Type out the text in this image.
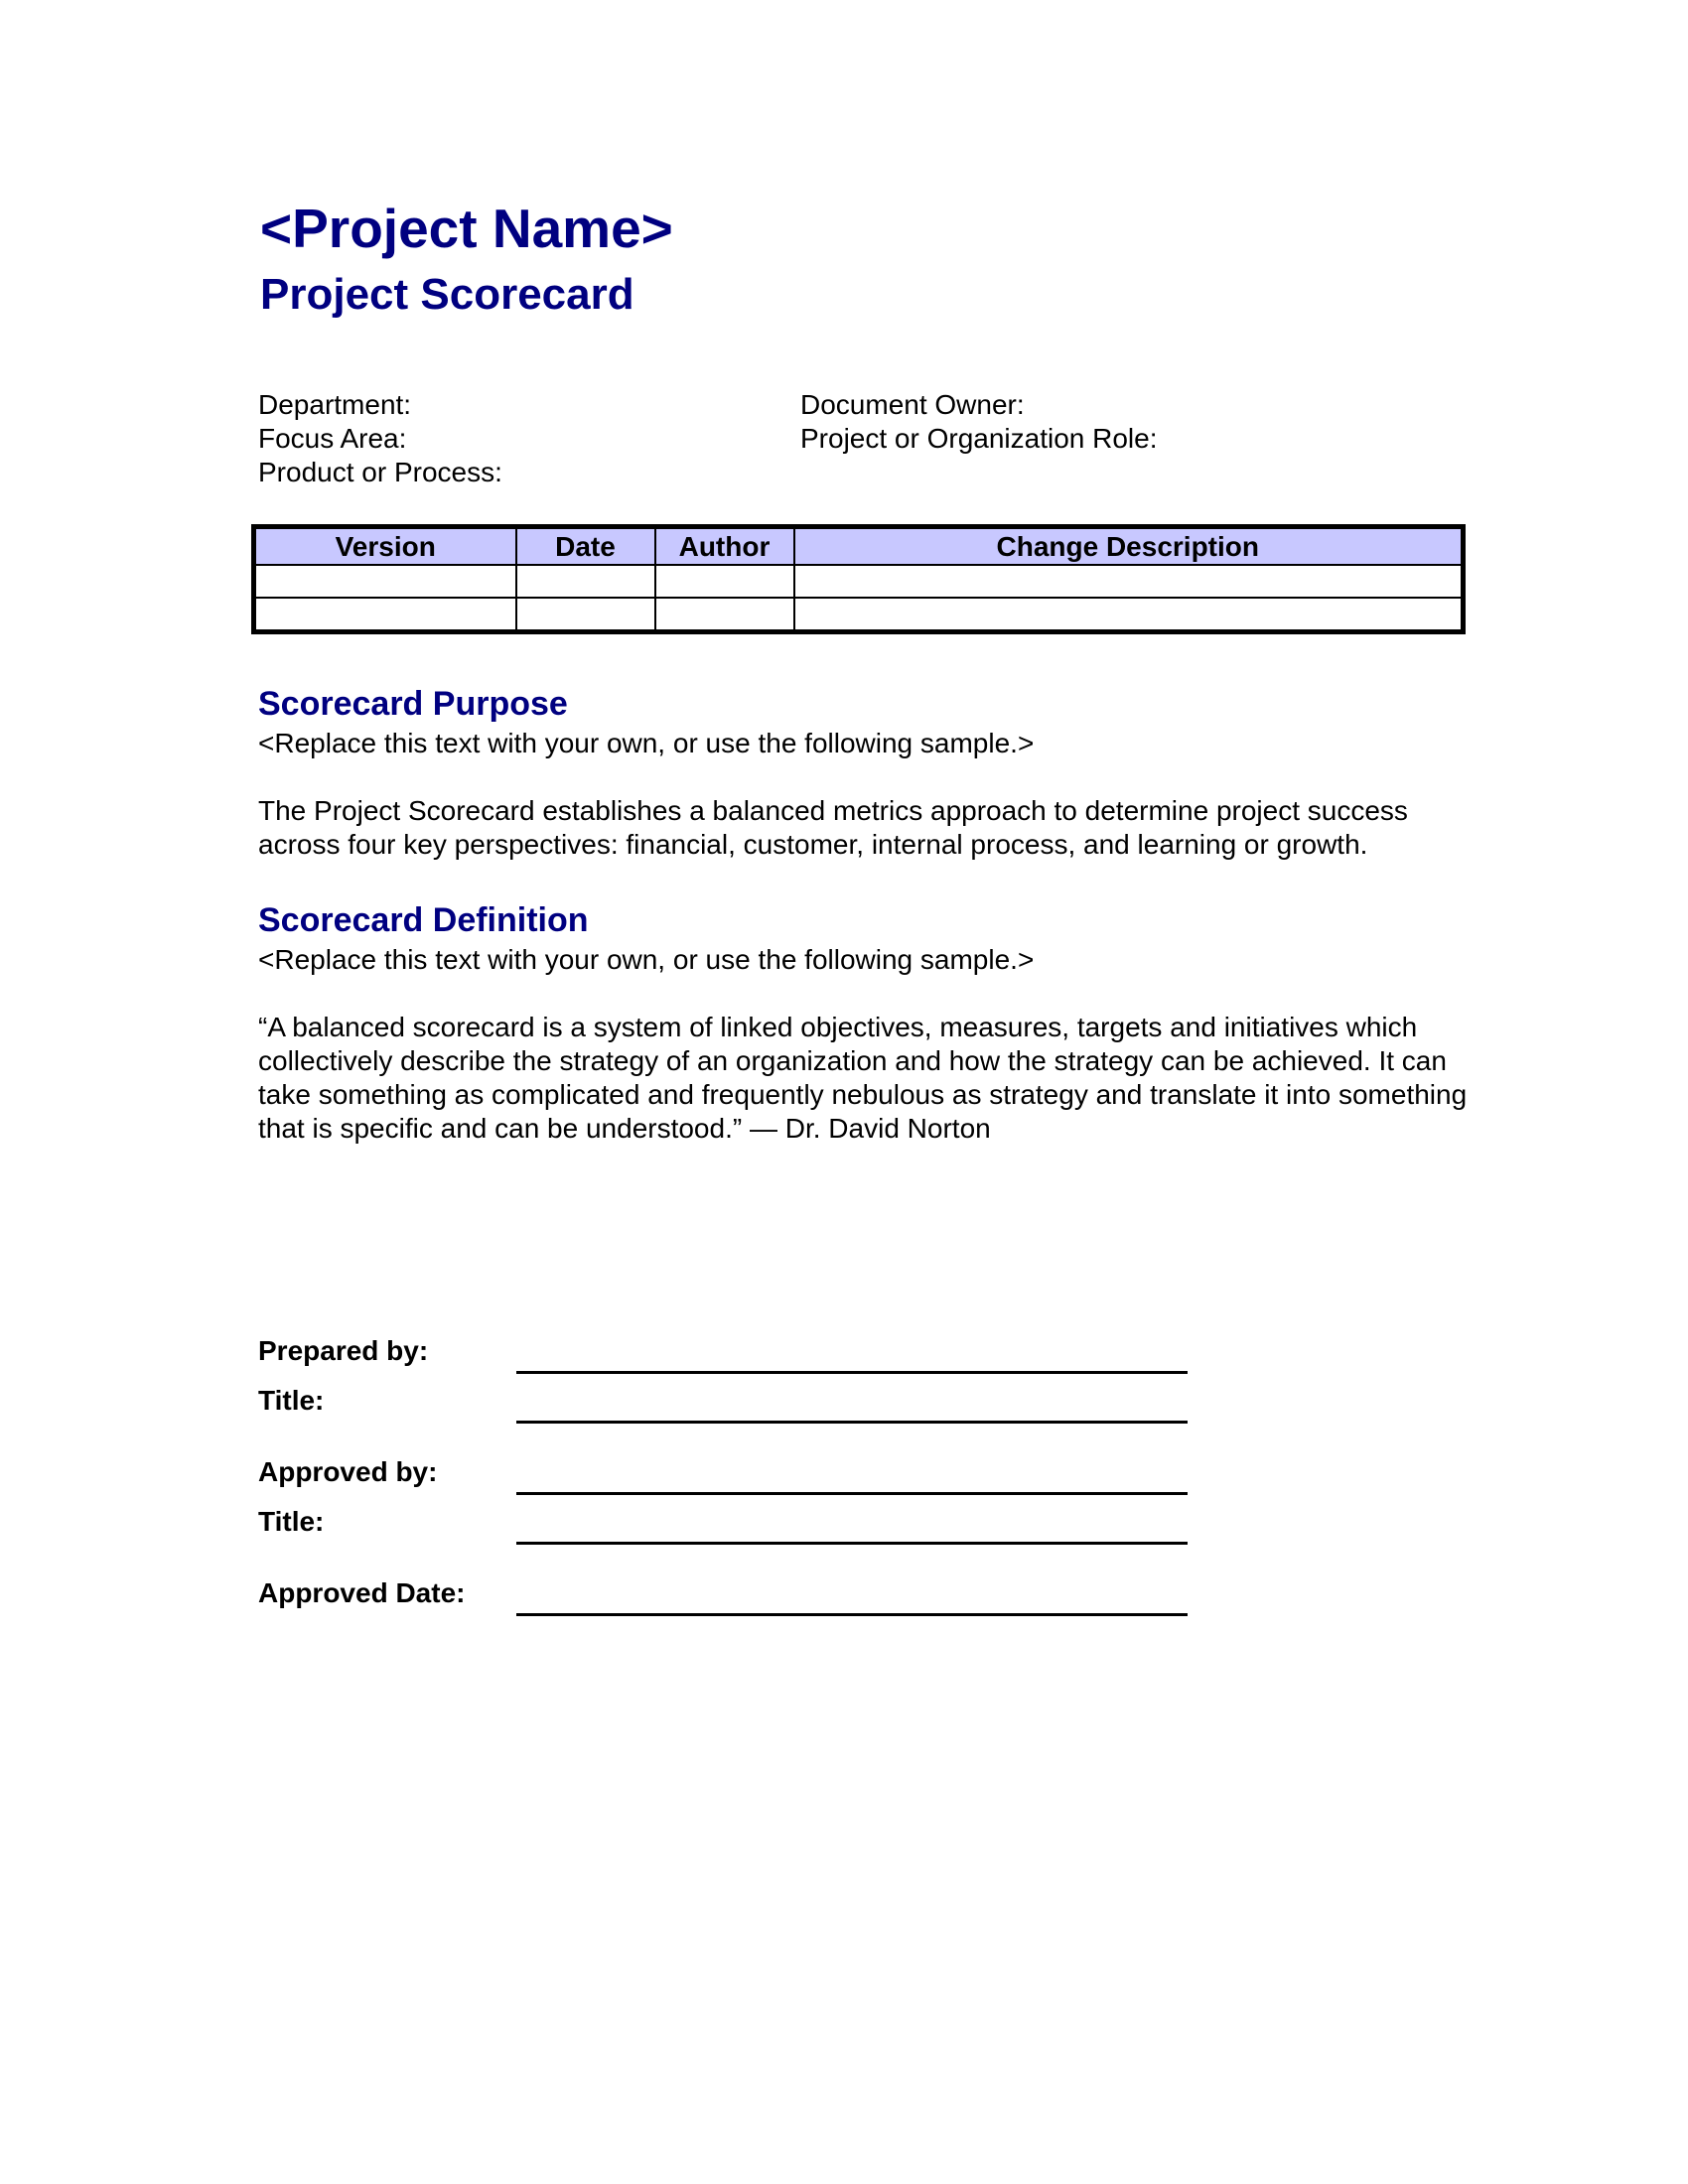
<Project Name>
Project Scorecard
Department:
Focus Area:
Product or Process:
Document Owner:
Project or Organization Role:
Version	Date	Author	Change Description

Scorecard Purpose

<Replace this text with your own, or use the following sample.>

The Project Scorecard establishes a balanced metrics approach to determine project success across four key perspectives: financial, customer, internal process, and learning or growth.

Scorecard Definition

<Replace this text with your own, or use the following sample.>

“A balanced scorecard is a system of linked objectives, measures, targets and initiatives which collectively describe the strategy of an organization and how the strategy can be achieved. It can take something as complicated and frequently nebulous as strategy and translate it into something that is specific and can be understood.” — Dr. David Norton

Prepared by:
Title:
Approved by:
Title:
Approved Date:
